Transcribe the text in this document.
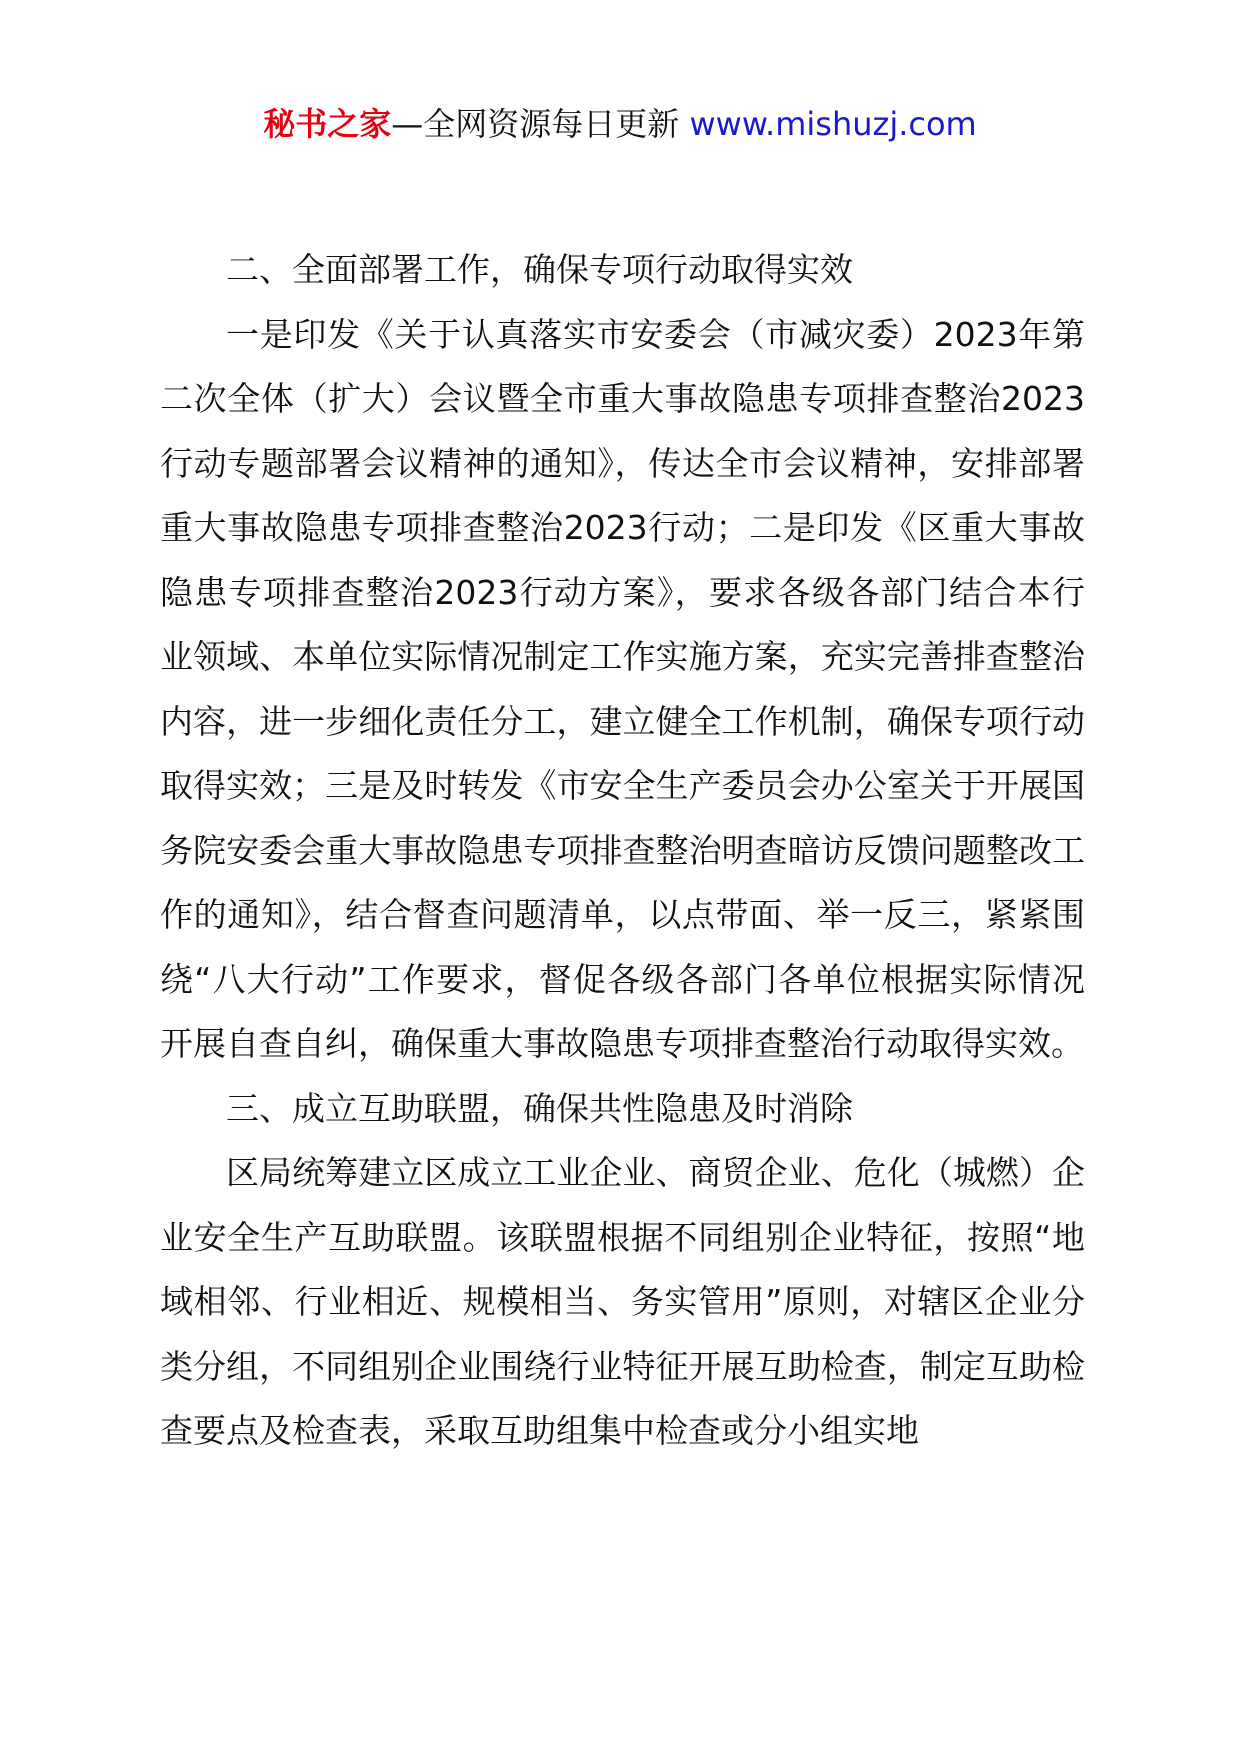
秘书之家—全网资源每日更新 www.mishuzj.com

二、全面部署工作，确保专项行动取得实效

一是印发《关于认真落实市安委会（市减灾委）2023年第二次全体（扩大）会议暨全市重大事故隐患专项排查整治2023行动专题部署会议精神的通知》，传达全市会议精神，安排部署重大事故隐患专项排查整治2023行动；二是印发《区重大事故隐患专项排查整治2023行动方案》，要求各级各部门结合本行业领域、本单位实际情况制定工作实施方案，充实完善排查整治内容，进一步细化责任分工，建立健全工作机制，确保专项行动取得实效；三是及时转发《市安全生产委员会办公室关于开展国务院安委会重大事故隐患专项排查整治明查暗访反馈问题整改工作的通知》，结合督查问题清单，以点带面、举一反三，紧紧围绕“八大行动”工作要求，督促各级各部门各单位根据实际情况开展自查自纠，确保重大事故隐患专项排查整治行动取得实效。

三、成立互助联盟，确保共性隐患及时消除

区局统筹建立区成立工业企业、商贸企业、危化（城燃）企业安全生产互助联盟。该联盟根据不同组别企业特征，按照“地域相邻、行业相近、规模相当、务实管用”原则，对辖区企业分类分组，不同组别企业围绕行业特征开展互助检查，制定互助检查要点及检查表，采取互助组集中检查或分小组实地
